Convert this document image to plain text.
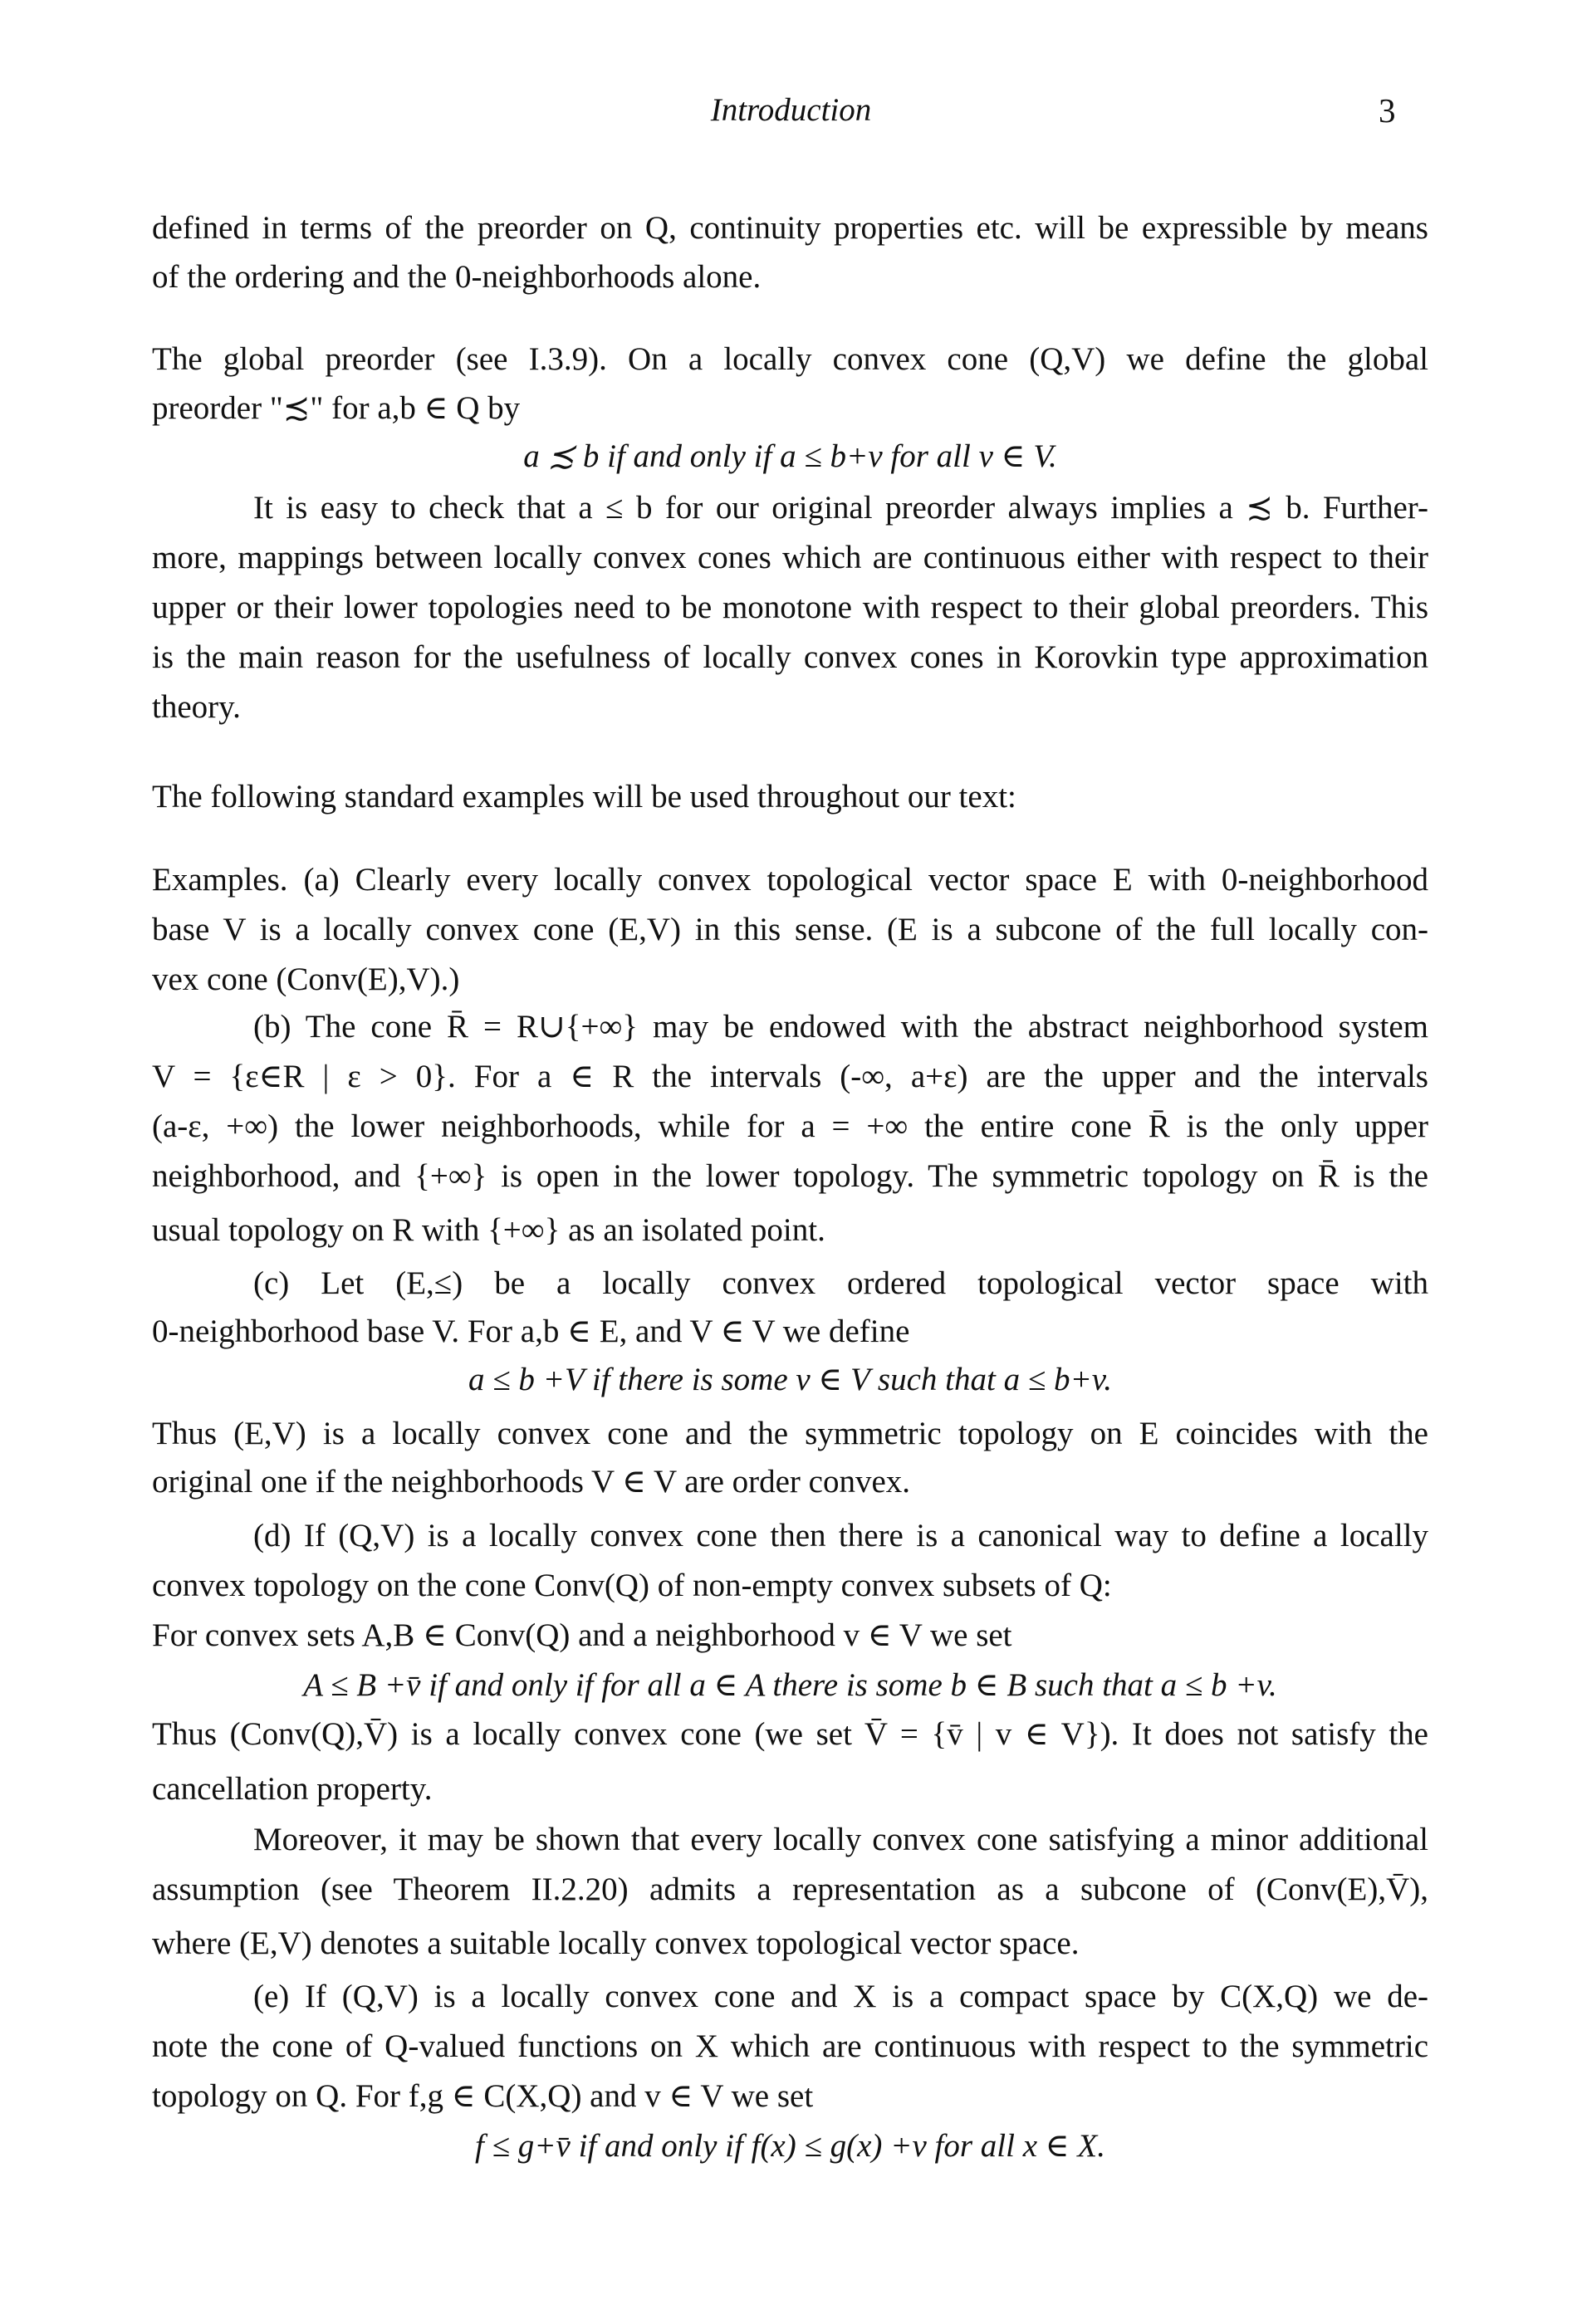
Introduction	3
defined in terms of the preorder on Q, continuity properties etc. will be expressible by means
of the ordering and the 0-neighborhoods alone.
The global preorder (see I.3.9). On a locally convex cone (Q,V) we define the global
preorder "≾" for a,b ∈ Q by
a ≾ b if and only if a ≤ b+v for all v ∈ V.
It is easy to check that a ≤ b for our original preorder always implies a ≾ b. Further-
more, mappings between locally convex cones which are continuous either with respect to their
upper or their lower topologies need to be monotone with respect to their global preorders. This
is the main reason for the usefulness of locally convex cones in Korovkin type approximation
theory.
The following standard examples will be used throughout our text:
Examples. (a) Clearly every locally convex topological vector space E with 0-neighborhood
base V is a locally convex cone (E,V) in this sense. (E is a subcone of the full locally con-
vex cone (Conv(E),V).)
(b) The cone R̄ = R∪{+∞} may be endowed with the abstract neighborhood system
V = {ε∈R | ε > 0}. For a ∈ R the intervals (-∞, a+ε) are the upper and the intervals
(a-ε, +∞) the lower neighborhoods, while for a = +∞ the entire cone R̄ is the only upper
neighborhood, and {+∞} is open in the lower topology. The symmetric topology on R̄ is the
usual topology on R with {+∞} as an isolated point.
(c) Let (E,≤) be a locally convex ordered topological vector space with
0-neighborhood base V. For a,b ∈ E, and V ∈ V we define
a ≤ b +V if there is some v ∈ V such that a ≤ b+v.
Thus (E,V) is a locally convex cone and the symmetric topology on E coincides with the
original one if the neighborhoods V ∈ V are order convex.
(d) If (Q,V) is a locally convex cone then there is a canonical way to define a locally
convex topology on the cone Conv(Q) of non-empty convex subsets of Q:
For convex sets A,B ∈ Conv(Q) and a neighborhood v ∈ V we set
A ≤ B +v̄ if and only if for all a ∈ A there is some b ∈ B such that a ≤ b +v.
Thus (Conv(Q),V̄) is a locally convex cone (we set V̄ = {v̄ | v ∈ V}). It does not satisfy the
cancellation property.
Moreover, it may be shown that every locally convex cone satisfying a minor additional
assumption (see Theorem II.2.20) admits a representation as a subcone of (Conv(E),V̄),
where (E,V) denotes a suitable locally convex topological vector space.
(e) If (Q,V) is a locally convex cone and X is a compact space by C(X,Q) we de-
note the cone of Q-valued functions on X which are continuous with respect to the symmetric
topology on Q. For f,g ∈ C(X,Q) and v ∈ V we set
f ≤ g+v̄ if and only if f(x) ≤ g(x) +v for all x ∈ X.
